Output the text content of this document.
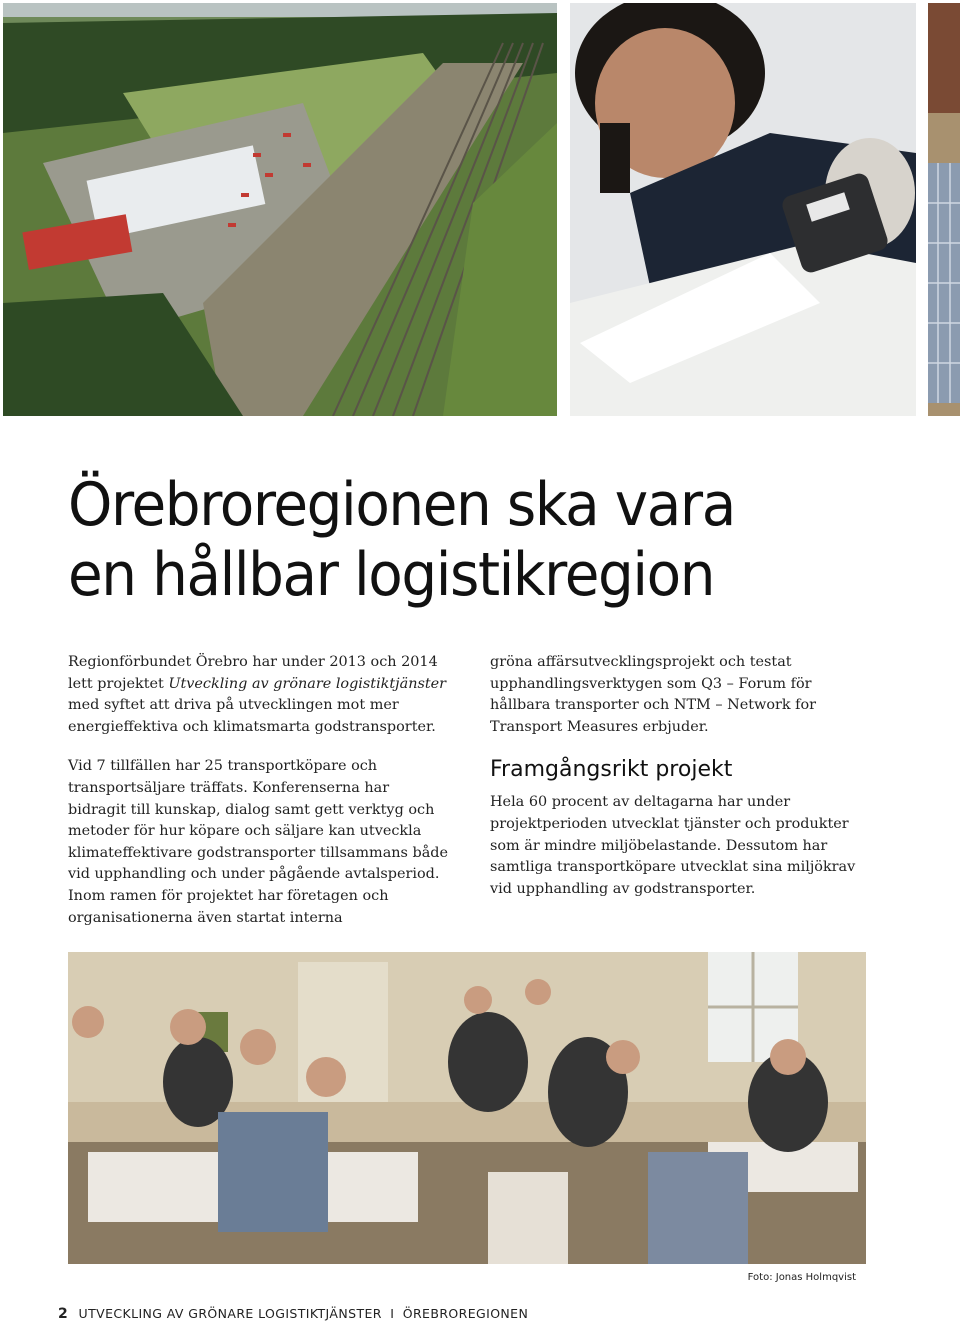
Örebroregionen ska vara
en hållbar logistikregion

Regionförbundet Örebro har under 2013 och 2014 lett projektet Utveckling av grönare logistiktjänster med syftet att driva på utvecklingen mot mer energieffektiva och klimatsmarta godstransporter.

Vid 7 tillfällen har 25 transportköpare och transportsäljare träffats. Konferenserna har bidragit till kunskap, dialog samt gett verktyg och metoder för hur köpare och säljare kan utveckla klimateffektivare godstransporter tillsammans både vid upphandling och under pågående avtalsperiod. Inom ramen för projektet har företagen och organisationerna även startat interna

gröna affärsutvecklingsprojekt och testat upphandlingsverktygen som Q3 – Forum för hållbara transporter och NTM – Network for Transport Measures erbjuder.

Framgångsrikt projekt

Hela 60 procent av deltagarna har under projektperioden utvecklat tjänster och produkter som är mindre miljöbelastande. Dessutom har samtliga transportköpare utvecklat sina miljökrav vid upphandling av godstransporter.

Foto: Jonas Holmqvist
2 UTVECKLING AV GRÖNARE LOGISTIKTJÄNSTER I ÖREBROREGIONEN
